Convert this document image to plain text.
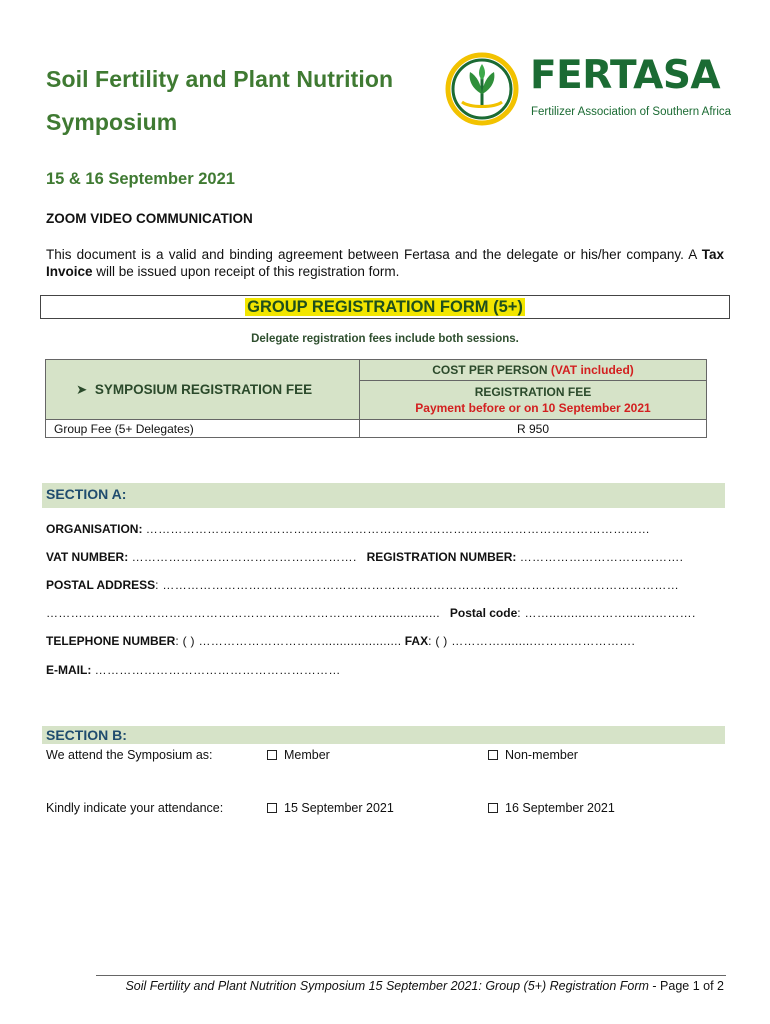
Soil Fertility and Plant Nutrition
Symposium
FERTASA
Fertilizer Association of Southern Africa
15 & 16 September 2021
ZOOM VIDEO COMMUNICATION
This document is a valid and binding agreement between Fertasa and the delegate or his/her company. A Tax Invoice will be issued upon receipt of this registration form.
GROUP REGISTRATION FORM (5+)
Delegate registration fees include both sessions.
➤ SYMPOSIUM REGISTRATION FEE	COST PER PERSON (VAT included)

	REGISTRATION FEE
Payment before or on 10 September 2021

Group Fee (5+ Delegates)	R 950
SECTION A:
ORGANISATION: ……………………………………………………………………………………………………………
VAT NUMBER: ………………………………………………. REGISTRATION NUMBER: ………………………………….
POSTAL ADDRESS: ………………………………………………………………………………………………………………
………………………………………………………………………................. Postal code: ……...........………........……….
TELEPHONE NUMBER: ( ) …………………………...................... FAX: ( ) ………….........…………………….
E-MAIL: ……………………………………………………
SECTION B:
We attend the Symposium as:	Member	Non-member
Kindly indicate your attendance:	15 September 2021	16 September 2021
Soil Fertility and Plant Nutrition Symposium 15 September 2021: Group (5+) Registration Form - Page 1 of 2
